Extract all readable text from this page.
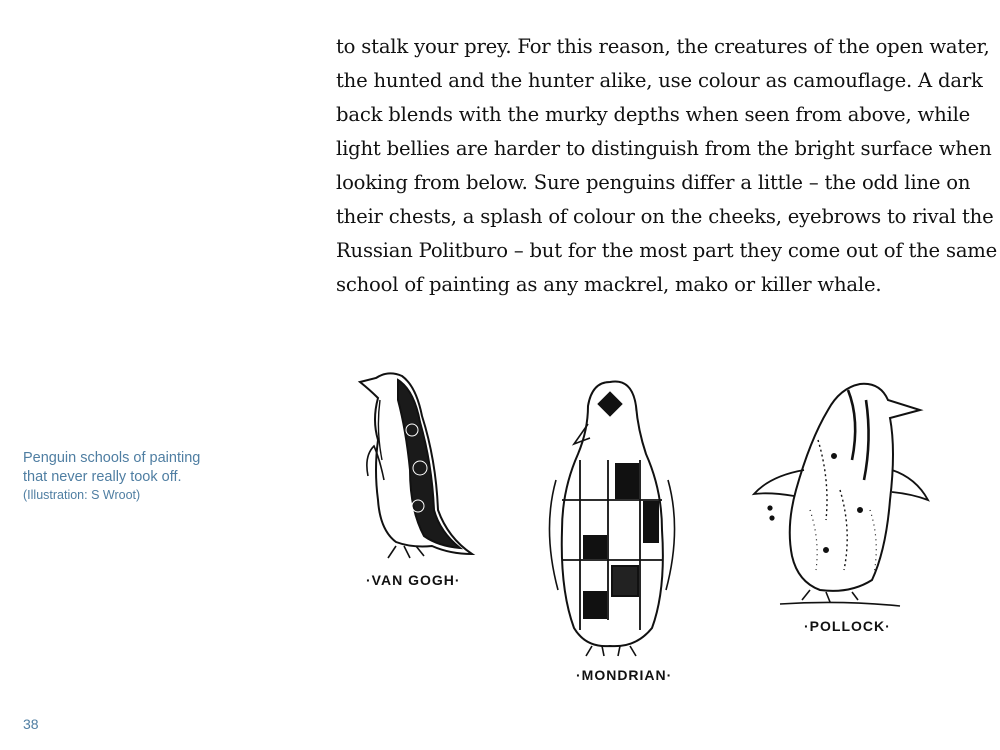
to stalk your prey. For this reason, the creatures of the open water,
the hunted and the hunter alike, use colour as camouflage. A dark
back blends with the murky depths when seen from above, while
light bellies are harder to distinguish from the bright surface when
looking from below. Sure penguins differ a little – the odd line on
their chests, a splash of colour on the cheeks, eyebrows to rival the
Russian Politburo – but for the most part they come out of the same
school of painting as any mackrel, mako or killer whale.
Penguin schools of painting
that never really took off.
(Illustration: S Wroot)
·VAN GOGH·
·MONDRIAN·
·POLLOCK·
38
